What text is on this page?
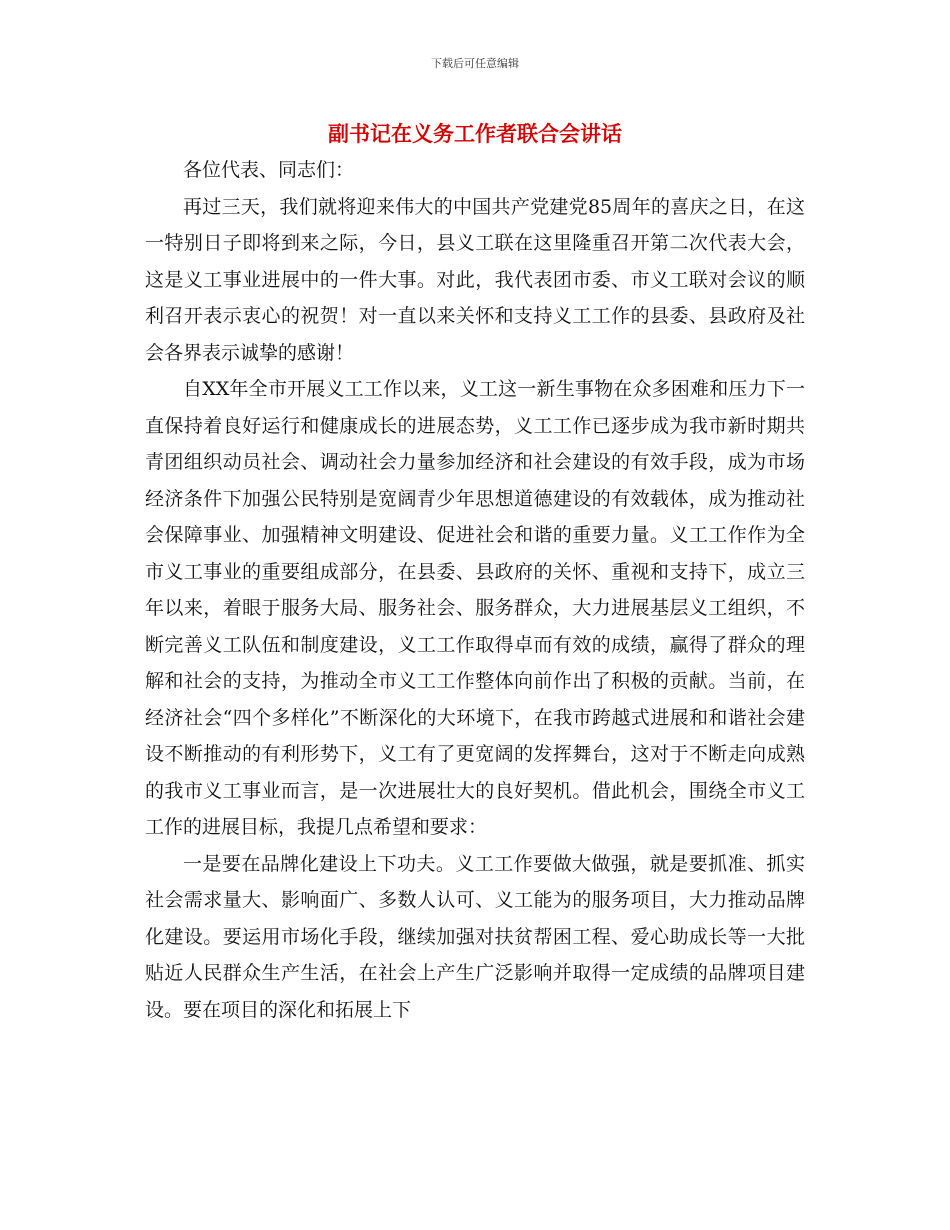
下载后可任意编辑
副书记在义务工作者联合会讲话

各位代表、同志们：

再过三天，我们就将迎来伟大的中国共产党建党85周年的喜庆之日，在这一特别日子即将到来之际，今日，县义工联在这里隆重召开第二次代表大会，这是义工事业进展中的一件大事。对此，我代表团市委、市义工联对会议的顺利召开表示衷心的祝贺！对一直以来关怀和支持义工工作的县委、县政府及社会各界表示诚挚的感谢！

自XX年全市开展义工工作以来，义工这一新生事物在众多困难和压力下一直保持着良好运行和健康成长的进展态势，义工工作已逐步成为我市新时期共青团组织动员社会、调动社会力量参加经济和社会建设的有效手段，成为市场经济条件下加强公民特别是宽阔青少年思想道德建设的有效载体，成为推动社会保障事业、加强精神文明建设、促进社会和谐的重要力量。义工工作作为全市义工事业的重要组成部分，在县委、县政府的关怀、重视和支持下，成立三年以来，着眼于服务大局、服务社会、服务群众，大力进展基层义工组织，不断完善义工队伍和制度建设，义工工作取得卓而有效的成绩，赢得了群众的理解和社会的支持，为推动全市义工工作整体向前作出了积极的贡献。当前，在经济社会“四个多样化”不断深化的大环境下，在我市跨越式进展和和谐社会建设不断推动的有利形势下，义工有了更宽阔的发挥舞台，这对于不断走向成熟的我市义工事业而言，是一次进展壮大的良好契机。借此机会，围绕全市义工工作的进展目标，我提几点希望和要求：

一是要在品牌化建设上下功夫。义工工作要做大做强，就是要抓准、抓实社会需求量大、影响面广、多数人认可、义工能为的服务项目，大力推动品牌化建设。要运用市场化手段，继续加强对扶贫帮困工程、爱心助成长等一大批贴近人民群众生产生活，在社会上产生广泛影响并取得一定成绩的品牌项目建设。要在项目的深化和拓展上下
